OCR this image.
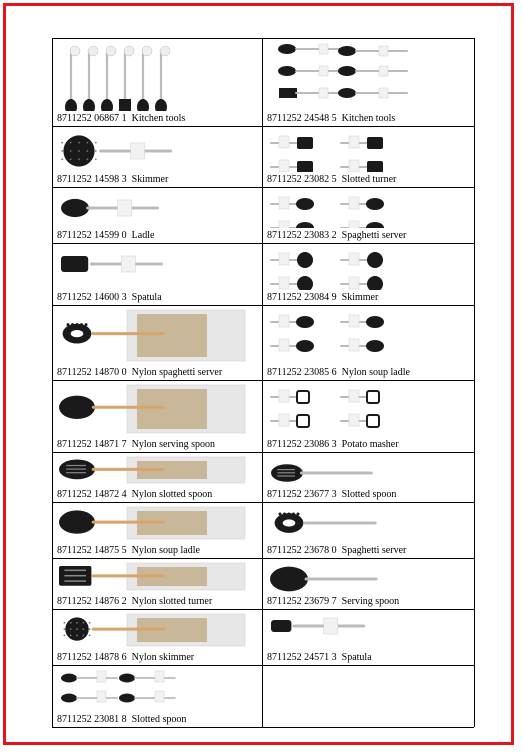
8711252 06867 1 Kitchen tools
8711252 14598 3 Skimmer
8711252 14599 0 Ladle
8711252 14600 3 Spatula
8711252 14870 0 Nylon spaghetti server
8711252 14871 7 Nylon serving spoon
8711252 14872 4 Nylon slotted spoon
8711252 14875 5 Nylon soup ladle
8711252 14876 2 Nylon slotted turner
8711252 14878 6 Nylon skimmer
8711252 23081 8 Slotted spoon
8711252 24548 5 Kitchen tools
8711252 23082 5 Slotted turner
8711252 23083 2 Spaghetti server
8711252 23084 9 Skimmer
8711252 23085 6 Nylon soup ladle
8711252 23086 3 Potato masher
8711252 23677 3 Slotted spoon
8711252 23678 0 Spaghetti server
8711252 23679 7 Serving spoon
8711252 24571 3 Spatula
